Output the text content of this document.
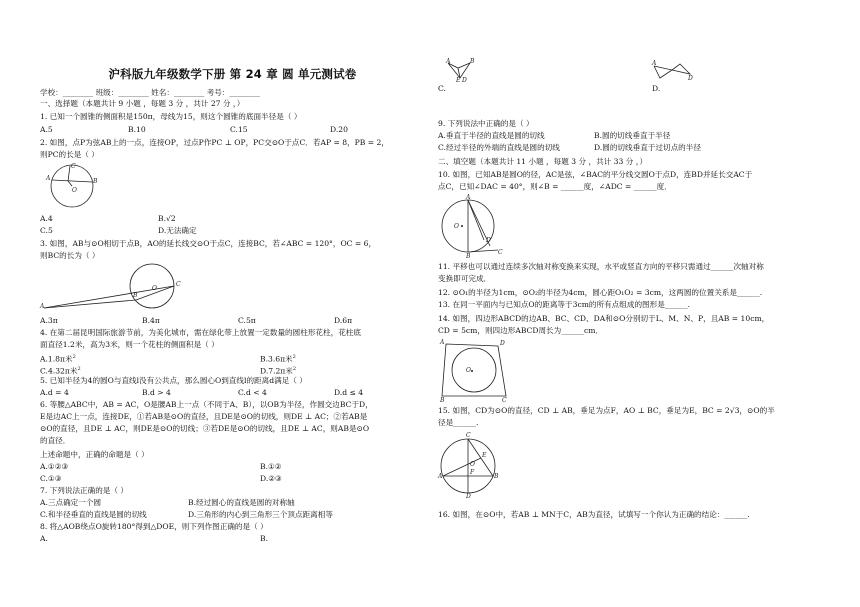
沪科版九年级数学下册 第 24 章 圆 单元测试卷
学校：________ 班级：________ 姓名：________ 考号：________
一、选择题（本题共计 9 小题 ，每题 3 分 ，共计 27 分 ，）
1. 已知一个圆锥的侧面积是150π，母线为15，则这个圆锥的底面半径是（ ）
A.5	B.10	C.15	D.20
2. 如图，点P为弦AB上的一点，连接OP，过点P作PC ⊥ OP，PC交⊙O于点C．若AP = 8，PB = 2，
则PC的长是（ ）
A	B
O
C
A.4	B.√2
C.5	D.无法确定
3. 如图，AB与⊙O相切于点B，AO的延长线交⊙O于点C，连接BC，若∠ABC = 120°，OC = 6，
则BC的长为（ ）
A
B
C
O
A.3π	B.4π	C.5π	D.6π
4. 在第二届昆明国际旅游节前，为美化城市，需在绿化带上放置一定数量的圆柱形花柱，花柱底
面直径1.2米，高为3米，则一个花柱的侧面积是（ ）
A.1.8π米$^2$	B.3.6π米$^2$
C.4.32π米$^2$	D.7.2π米$^2$
5. 已知半径为4的圆O与直线l没有公共点，那么圆心O到直线l的距离d满足（ ）
A.d = 4	B.d > 4	C.d < 4	D.d ≤ 4
6. 等腰△ABC中，AB = AC，O是腰AB上一点（不同于A、B），以OB为半径，作圆交边BC于D，
E是边AC上一点，连接DE，①若AB是⊙O的直径，且DE是⊙O的切线，则DE ⊥ AC；②若AB是
⊙O的直径，且DE ⊥ AC，则DE是⊙O的切线；③若DE是⊙O的切线，且DE ⊥ AC，则AB是⊙O
的直径．
上述命题中，正确的命题是（ ）
A.①②③	B.①②
C.①③	D.②③
7. 下列说法正确的是（ ）
A.三点确定一个圆	B.经过圆心的直线是圆的对称轴
C.和半径垂直的直线是圆的切线	D.三角形的内心到三角形三个顶点距离相等
8. 将△AOB绕点O旋转180°得到△DOE，则下列作图正确的是（ ）
A.	B.
A	B
E D
C.
A
D
D.
9. 下列说法中正确的是（ ）
A.垂直于半径的直线是圆的切线	B.圆的切线垂直于半径
C.经过半径的外端的直线是圆的切线	D.圆的切线垂直于过切点的半径
二、填空题（本题共计 11 小题 ，每题 3 分 ，共计 33 分 ，）
10. 如图，已知AB是圆O的径，AC是弦，∠BAC的平分线交圆O于点D，连BD并延长交AC于
点C，已知∠DAC = 40°，则∠B = ______度，∠ADC = ______度．
A
B
C
D
O
11. 平移也可以通过连续多次轴对称变换来实现，水平或竖直方向的平移只需通过______次轴对称
变换即可完成．
12. ⊙O₁的半径为1cm，⊙O₂的半径为4cm，圆心距O₁O₂ = 3cm，这两圆的位置关系是______.
13. 在同一平面内与已知点O的距离等于3cm的所有点组成的图形是______.
14. 如图，四边形ABCD的边AB、BC、CD、DA和⊙O分别切于L、M、N、P，且AB = 10cm，
CD = 5cm，则四边形ABCD周长为______cm．
A	D
B	C
O
15. 如图，CD为⊙O的直径，CD ⊥ AB，垂足为点F，AO ⊥ BC，垂足为E，BC = 2√3，⊙O的半
径是______.
C
A	B
D
E
F
O
16. 如图，在⊙O中，若AB ⊥ MN于C，AB为直径，试填写一个你认为正确的结论：______.
